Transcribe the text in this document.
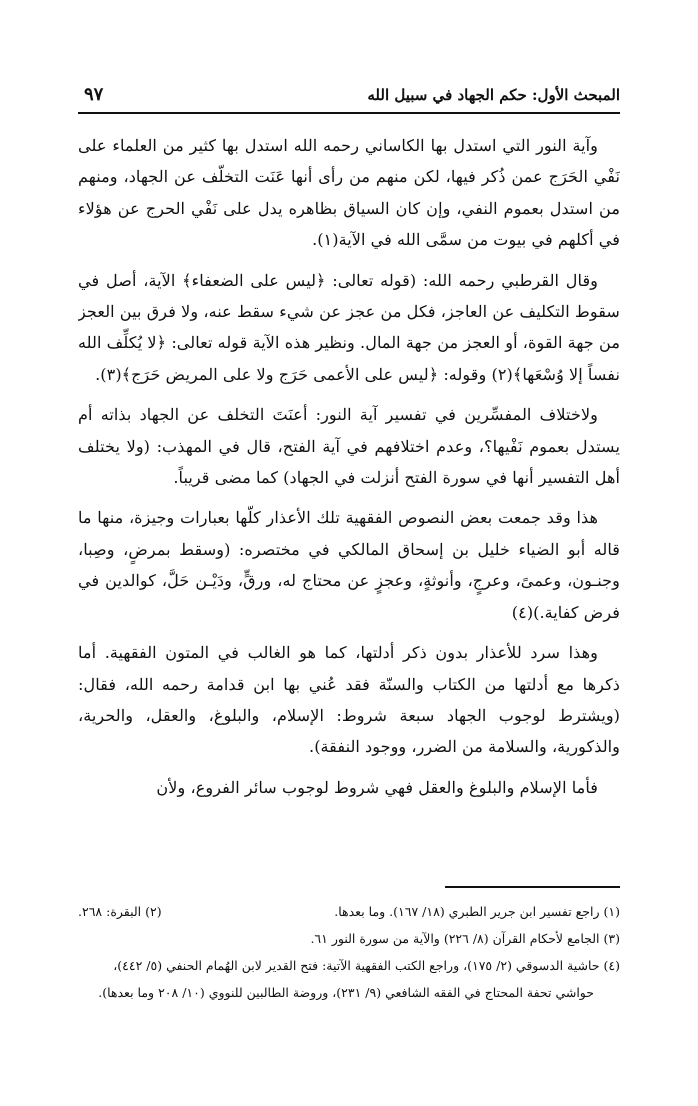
المبحث الأول: حكم الجهاد في سبيل الله
٩٧

وآية النور التي استدل بها الكاساني رحمه الله استدل بها كثير من العلماء على نَفْي الحَرَج عمن ذُكر فيها، لكن منهم من رأى أنها عَنَت التخلّف عن الجهاد، ومنهم من استدل بعموم النفي، وإن كان السياق بظاهره يدل على نَفْي الحرج عن هؤلاء في أكلهم في بيوت من سمَّى الله في الآية(١).

وقال القرطبي رحمه الله: (قوله تعالى: ﴿ليس على الضعفاء﴾ الآية، أصل في سقوط التكليف عن العاجز، فكل من عجز عن شيء سقط عنه، ولا فرق بين العجز من جهة القوة، أو العجز من جهة المال. ونظير هذه الآية قوله تعالى: ﴿لا يُكلِّف الله نفساً إلا وُسْعَها﴾(٢) وقوله: ﴿ليس على الأعمى حَرَج ولا على المريض حَرَج﴾(٣).

ولاختلاف المفسِّرين في تفسير آية النور: أعنَتَ التخلف عن الجهاد بذاته أم يستدل بعموم نَفْيها؟، وعدم اختلافهم في آية الفتح، قال في المهذب: (ولا يختلف أهل التفسير أنها في سورة الفتح أنزلت في الجهاد) كما مضى قريباً.

هذا وقد جمعت بعض النصوص الفقهية تلك الأعذار كلّها بعبارات وجيزة، منها ما قاله أبو الضياء خليل بن إسحاق المالكي في مختصره: (وسقط بمرضٍ، وصِبا، وجنـون، وعمىً، وعرجٍ، وأنوثةٍ، وعجزٍ عن محتاج له، ورقٍّ، ودَيْـن حَلَّ، كوالدين في فرض كفاية.)(٤)

وهذا سرد للأعذار بدون ذكر أدلتها، كما هو الغالب في المتون الفقهية. أما ذكرها مع أدلتها من الكتاب والسنّة فقد عُني بها ابن قدامة رحمه الله، فقال: (ويشترط لوجوب الجهاد سبعة شروط: الإسلام، والبلوغ، والعقل، والحرية، والذكورية، والسلامة من الضرر، ووجود النفقة).

فأما الإسلام والبلوغ والعقل فهي شروط لوجوب سائر الفروع، ولأن

(١) راجع تفسير ابن جرير الطبري (١٨/ ١٦٧). وما بعدها.
(٢) البقرة: ٢٦٨.

(٣) الجامع لأحكام القرآن (٨/ ٢٢٦) والآية من سورة النور ٦١.

(٤) حاشية الدسوقي (٢/ ١٧٥)، وراجع الكتب الفقهية الآتية: فتح القدير لابن الهُمام الحنفي (٥/ ٤٤٢)، حواشي تحفة المحتاج في الفقه الشافعي (٩/ ٢٣١)، وروضة الطالبين للنووي (١٠/ ٢٠٨ وما بعدها).
